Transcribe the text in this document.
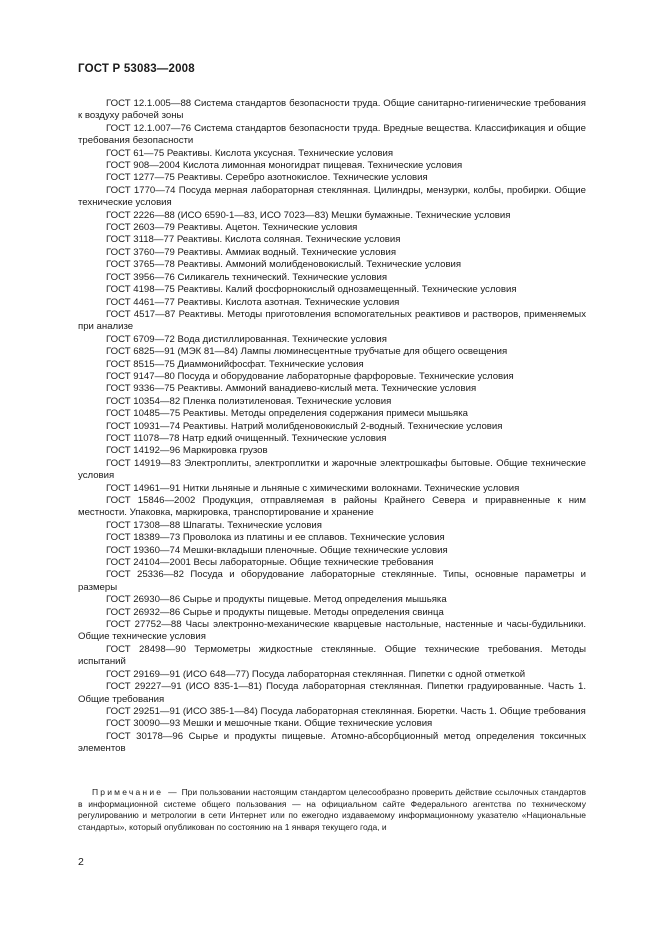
ГОСТ Р 53083—2008

ГОСТ 12.1.005—88 Система стандартов безопасности труда. Общие санитарно-гигиенические требования к воздуху рабочей зоны

ГОСТ 12.1.007—76 Система стандартов безопасности труда. Вредные вещества. Классификация и общие требования безопасности

ГОСТ 61—75 Реактивы. Кислота уксусная. Технические условия

ГОСТ 908—2004 Кислота лимонная моногидрат пищевая. Технические условия

ГОСТ 1277—75 Реактивы. Серебро азотнокислое. Технические условия

ГОСТ 1770—74 Посуда мерная лабораторная стеклянная. Цилиндры, мензурки, колбы, пробирки. Общие технические условия

ГОСТ 2226—88 (ИСО 6590-1—83, ИСО 7023—83) Мешки бумажные. Технические условия

ГОСТ 2603—79 Реактивы. Ацетон. Технические условия

ГОСТ 3118—77 Реактивы. Кислота соляная. Технические условия

ГОСТ 3760—79 Реактивы. Аммиак водный. Технические условия

ГОСТ 3765—78 Реактивы. Аммоний молибденовокислый. Технические условия

ГОСТ 3956—76 Силикагель технический. Технические условия

ГОСТ 4198—75 Реактивы. Калий фосфорнокислый однозамещенный. Технические условия

ГОСТ 4461—77 Реактивы. Кислота азотная. Технические условия

ГОСТ 4517—87 Реактивы. Методы приготовления вспомогательных реактивов и растворов, применяемых при анализе

ГОСТ 6709—72 Вода дистиллированная. Технические условия

ГОСТ 6825—91 (МЭК 81—84) Лампы люминесцентные трубчатые для общего освещения

ГОСТ 8515—75 Диаммонийфосфат. Технические условия

ГОСТ 9147—80 Посуда и оборудование лабораторные фарфоровые. Технические условия

ГОСТ 9336—75 Реактивы. Аммоний ванадиево-кислый мета. Технические условия

ГОСТ 10354—82 Пленка полиэтиленовая. Технические условия

ГОСТ 10485—75 Реактивы. Методы определения содержания примеси мышьяка

ГОСТ 10931—74 Реактивы. Натрий молибденовокислый 2-водный. Технические условия

ГОСТ 11078—78 Натр едкий очищенный. Технические условия

ГОСТ 14192—96 Маркировка грузов

ГОСТ 14919—83 Электроплиты, электроплитки и жарочные электрошкафы бытовые. Общие технические условия

ГОСТ 14961—91 Нитки льняные и льняные с химическими волокнами. Технические условия

ГОСТ 15846—2002 Продукция, отправляемая в районы Крайнего Севера и приравненные к ним местности. Упаковка, маркировка, транспортирование и хранение

ГОСТ 17308—88 Шпагаты. Технические условия

ГОСТ 18389—73 Проволока из платины и ее сплавов. Технические условия

ГОСТ 19360—74 Мешки-вкладыши пленочные. Общие технические условия

ГОСТ 24104—2001 Весы лабораторные. Общие технические требования

ГОСТ 25336—82 Посуда и оборудование лабораторные стеклянные. Типы, основные параметры и размеры

ГОСТ 26930—86 Сырье и продукты пищевые. Метод определения мышьяка

ГОСТ 26932—86 Сырье и продукты пищевые. Методы определения свинца

ГОСТ 27752—88 Часы электронно-механические кварцевые настольные, настенные и часы-будильники. Общие технические условия

ГОСТ 28498—90 Термометры жидкостные стеклянные. Общие технические требования. Методы испытаний

ГОСТ 29169—91 (ИСО 648—77) Посуда лабораторная стеклянная. Пипетки с одной отметкой

ГОСТ 29227—91 (ИСО 835-1—81) Посуда лабораторная стеклянная. Пипетки градуированные. Часть 1. Общие требования

ГОСТ 29251—91 (ИСО 385-1—84) Посуда лабораторная стеклянная. Бюретки. Часть 1. Общие требования

ГОСТ 30090—93 Мешки и мешочные ткани. Общие технические условия

ГОСТ 30178—96 Сырье и продукты пищевые. Атомно-абсорбционный метод определения токсичных элементов

Примечание — При пользовании настоящим стандартом целесообразно проверить действие ссылочных стандартов в информационной системе общего пользования — на официальном сайте Федерального агентства по техническому регулированию и метрологии в сети Интернет или по ежегодно издаваемому информационному указателю «Национальные стандарты», который опубликован по состоянию на 1 января текущего года, и

2
